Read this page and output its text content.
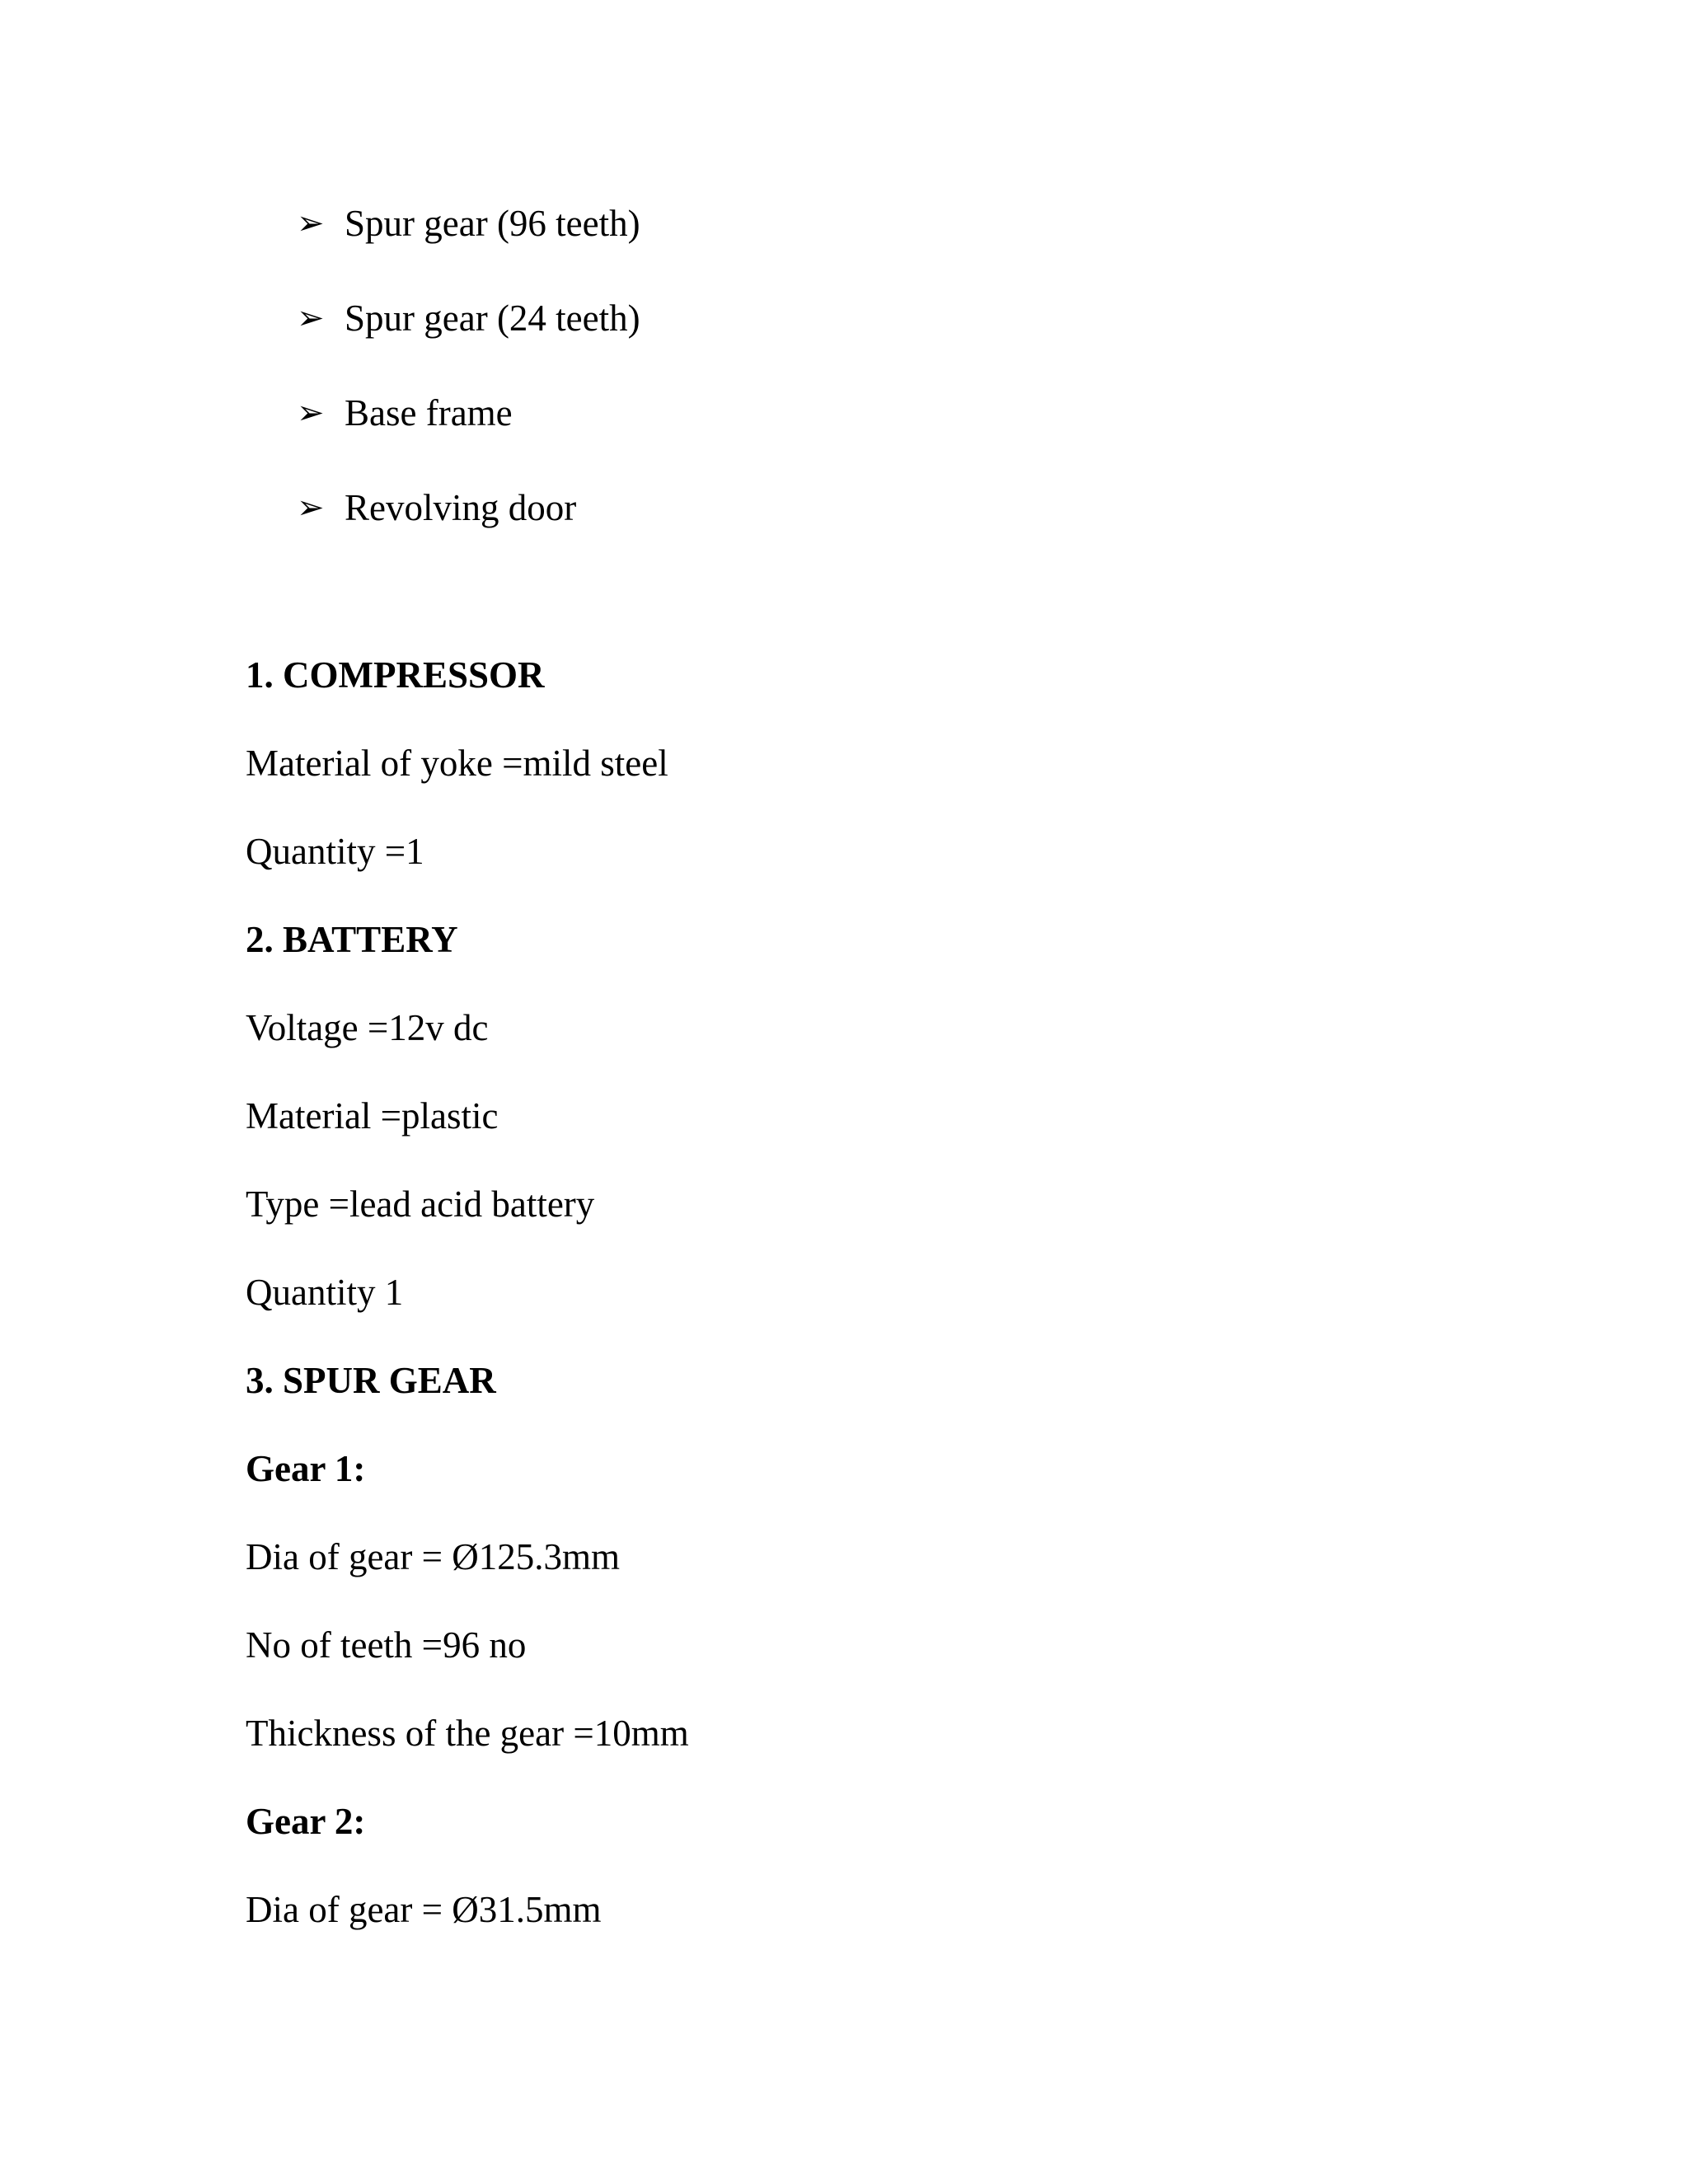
➢ Spur gear (96 teeth)
➢ Spur gear (24 teeth)
➢ Base frame
➢ Revolving door
1. COMPRESSOR
Material of yoke =mild steel
Quantity =1
2. BATTERY
Voltage =12v dc
Material =plastic
Type =lead acid battery
Quantity 1
3. SPUR GEAR
Gear 1:
Dia of gear = Ø125.3mm
No of teeth =96 no
Thickness of the gear =10mm
Gear 2:
Dia of gear = Ø31.5mm
